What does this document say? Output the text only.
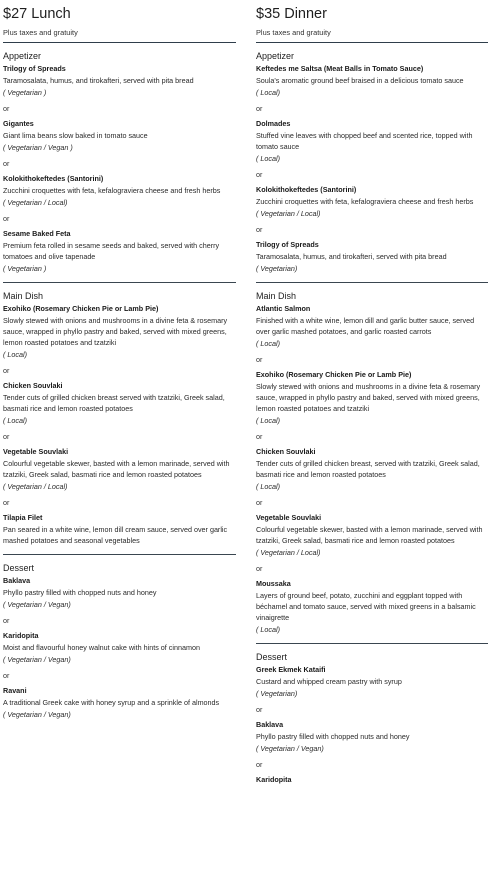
$27 Lunch
Plus taxes and gratuity
Appetizer
Trilogy of Spreads
Taramosalata, humus, and tirokafteri, served with pita bread
( Vegetarian )
or
Gigantes
Giant lima beans slow baked in tomato sauce
( Vegetarian / Vegan )
or
Kolokithokeftedes (Santorini)
Zucchini croquettes with feta, kefalograviera cheese and fresh herbs
( Vegetarian / Local)
or
Sesame Baked Feta
Premium feta rolled in sesame seeds and baked, served with cherry tomatoes and olive tapenade
( Vegetarian )
Main Dish
Exohiko (Rosemary Chicken Pie or Lamb Pie)
Slowly stewed with onions and mushrooms in a divine feta & rosemary sauce, wrapped in phyllo pastry and baked, served with mixed greens, lemon roasted potatoes and tzatziki
( Local)
or
Chicken Souvlaki
Tender cuts of grilled chicken breast served with tzatziki, Greek salad, basmati rice and lemon roasted potatoes
( Local)
or
Vegetable Souvlaki
Colourful vegetable skewer, basted with a lemon marinade, served with tzatziki, Greek salad, basmati rice and lemon roasted potatoes
( Vegetarian / Local)
or
Tilapia Filet
Pan seared in a white wine, lemon dill cream sauce, served over garlic mashed potatoes and seasonal vegetables
Dessert
Baklava
Phyllo pastry filled with chopped nuts and honey
( Vegetarian / Vegan)
or
Karidopita
Moist and flavourful honey walnut cake with hints of cinnamon
( Vegetarian / Vegan)
or
Ravani
A traditional Greek cake with honey syrup and a sprinkle of almonds
( Vegetarian / Vegan)
$35 Dinner
Plus taxes and gratuity
Appetizer
Keftedes me Saltsa (Meat Balls in Tomato Sauce)
Soula's aromatic ground beef braised in a delicious tomato sauce
( Local)
or
Dolmades
Stuffed vine leaves with chopped beef and scented rice, topped with tomato sauce
( Local)
or
Kolokithokeftedes (Santorini)
Zucchini croquettes with feta, kefalograviera cheese and fresh herbs
( Vegetarian / Local)
or
Trilogy of Spreads
Taramosalata, humus, and tirokafteri, served with pita bread
( Vegetarian)
Main Dish
Atlantic Salmon
Finished with a white wine, lemon dill and garlic butter sauce, served over garlic mashed potatoes, and garlic roasted carrots
( Local)
or
Exohiko (Rosemary Chicken Pie or Lamb Pie)
Slowly stewed with onions and mushrooms in a divine feta & rosemary sauce, wrapped in phyllo pastry and baked, served with mixed greens, lemon roasted potatoes and tzatziki
( Local)
or
Chicken Souvlaki
Tender cuts of grilled chicken breast, served with tzatziki, Greek salad, basmati rice and lemon roasted potatoes
( Local)
or
Vegetable Souvlaki
Colourful vegetable skewer, basted with a lemon marinade, served with tzatziki, Greek salad, basmati rice and lemon roasted potatoes
( Vegetarian / Local)
or
Moussaka
Layers of ground beef, potato, zucchini and eggplant topped with béchamel and tomato sauce, served with mixed greens in a balsamic vinaigrette
( Local)
Dessert
Greek Ekmek Kataifi
Custard and whipped cream pastry with syrup
( Vegetarian)
or
Baklava
Phyllo pastry filled with chopped nuts and honey
( Vegetarian / Vegan)
or
Karidopita
